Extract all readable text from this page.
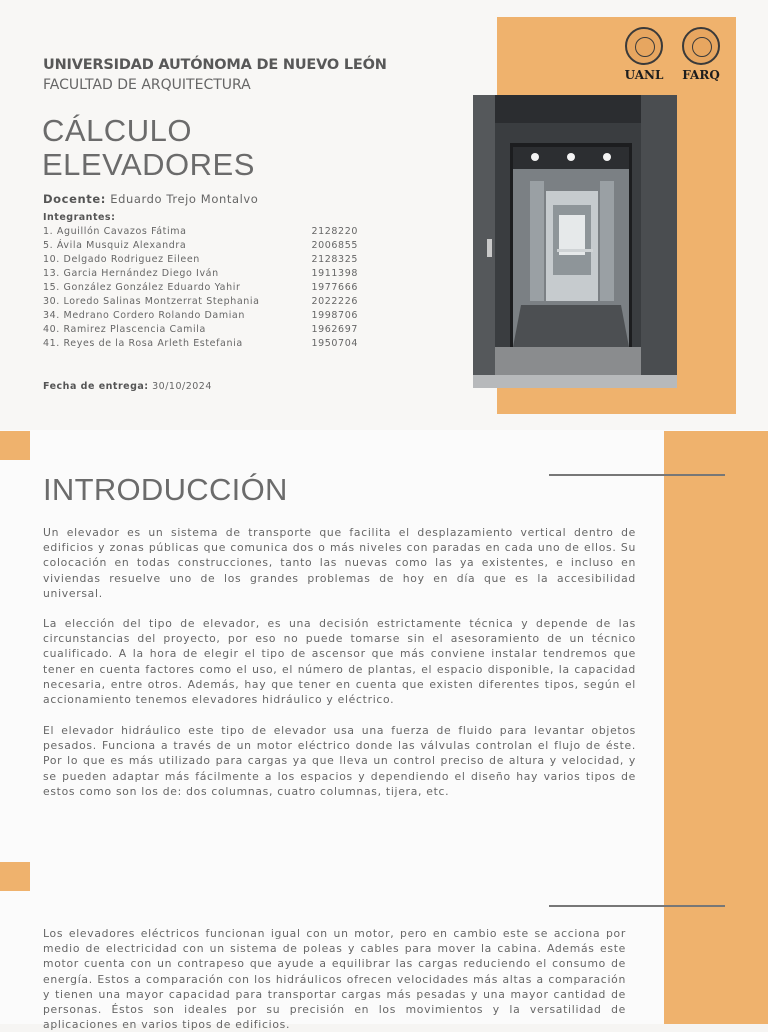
UNIVERSIDAD AUTÓNOMA DE NUEVO LEÓN
FACULTAD DE ARQUITECTURA
CÁLCULO
ELEVADORES
Docente: Eduardo Trejo Montalvo
Integrantes:
1. Aguillón Cavazos Fátima	2128220
5. Ávila Musquiz Alexandra	2006855
10. Delgado Rodriguez Eileen	2128325
13. Garcia Hernández Diego Iván	1911398
15. González González Eduardo Yahir	1977666
30. Loredo Salinas Montzerrat Stephania	2022226
34. Medrano Cordero Rolando Damian	1998706
40. Ramirez Plascencia Camila	1962697
41. Reyes de la Rosa Arleth Estefania	1950704
Fecha de entrega: 30/10/2024
UANL	FARQ
INTRODUCCIÓN

Un elevador es un sistema de transporte que facilita el desplazamiento vertical dentro de edificios y zonas públicas que comunica dos o más niveles con paradas en cada uno de ellos. Su colocación en todas construcciones, tanto las nuevas como las ya existentes, e incluso en viviendas resuelve uno de los grandes problemas de hoy en día que es la accesibilidad universal.

La elección del tipo de elevador, es una decisión estrictamente técnica y depende de las circunstancias del proyecto, por eso no puede tomarse sin el asesoramiento de un técnico cualificado. A la hora de elegir el tipo de ascensor que más conviene instalar tendremos que tener en cuenta factores como el uso, el número de plantas, el espacio disponible, la capacidad necesaria, entre otros. Además, hay que tener en cuenta que existen diferentes tipos, según el accionamiento tenemos elevadores hidráulico y eléctrico.

El elevador hidráulico este tipo de elevador usa una fuerza de fluido para levantar objetos pesados. Funciona a través de un motor eléctrico donde las válvulas controlan el flujo de éste. Por lo que es más utilizado para cargas ya que lleva un control preciso de altura y velocidad, y se pueden adaptar más fácilmente a los espacios y dependiendo el diseño hay varios tipos de estos como son los de: dos columnas, cuatro columnas, tijera, etc.

Los elevadores eléctricos funcionan igual con un motor, pero en cambio este se acciona por medio de electricidad con un sistema de poleas y cables para mover la cabina. Además este motor cuenta con un contrapeso que ayude a equilibrar las cargas reduciendo el consumo de energía. Estos a comparación con los hidráulicos ofrecen velocidades más altas a comparación y tienen una mayor capacidad para transportar cargas más pesadas y una mayor cantidad de personas. Éstos son ideales por su precisión en los movimientos y la versatilidad de aplicaciones en varios tipos de edificios.
